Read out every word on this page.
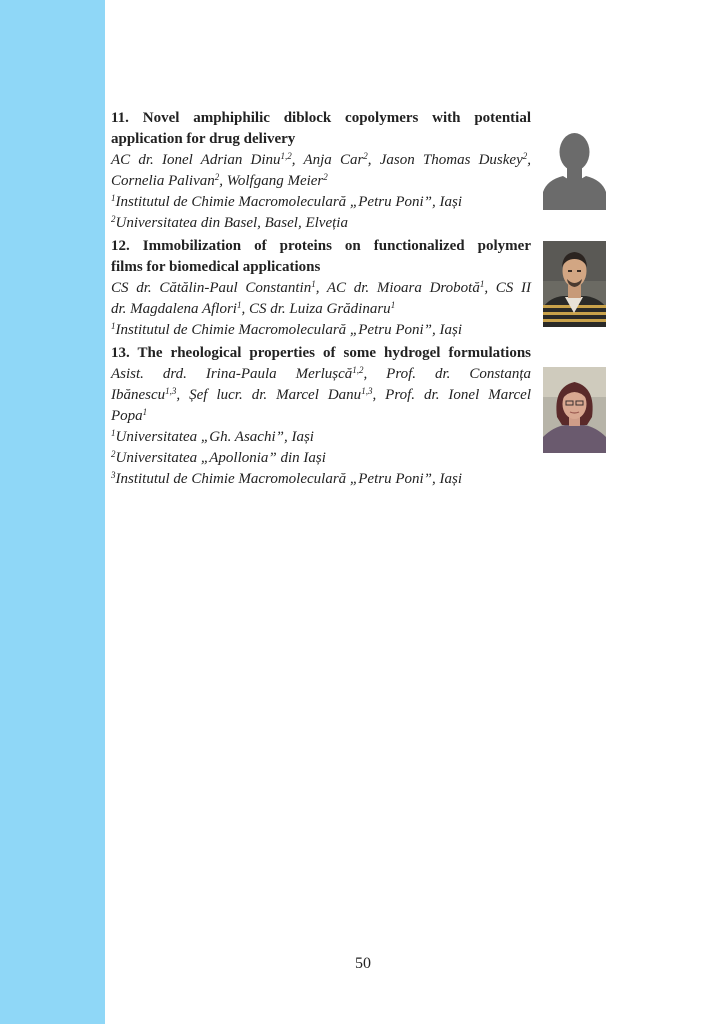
11. Novel amphiphilic diblock copolymers with potential
application for drug delivery

AC dr. Ionel Adrian Dinu$^{1,2}$, Anja Car$^2$, Jason Thomas Duskey$^2$,

Cornelia Palivan$^2$, Wolfgang Meier$^2$

$^1$Institutul de Chimie Macromoleculară „Petru Poni”, Iași

$^2$Universitatea din Basel, Basel, Elveția

12. Immobilization of proteins on functionalized polymer
films for biomedical applications

CS dr. Cătălin-Paul Constantin$^1$, AC dr. Mioara Drobotă$^1$, CS II

dr. Magdalena Aflori$^1$, CS dr. Luiza Grădinaru$^1$

$^1$Institutul de Chimie Macromoleculară „Petru Poni”, Iași

13. The rheological properties of some hydrogel formulations

Asist. drd. Irina-Paula Merlușcă$^{1,2}$, Prof. dr. Constanța

Ibănescu$^{1,3}$, Șef lucr. dr. Marcel Danu$^{1,3}$, Prof. dr. Ionel Marcel

Popa$^1$

$^1$Universitatea „Gh. Asachi”, Iași

$^2$Universitatea „Apollonia” din Iași

$^3$Institutul de Chimie Macromoleculară „Petru Poni”, Iași

50
